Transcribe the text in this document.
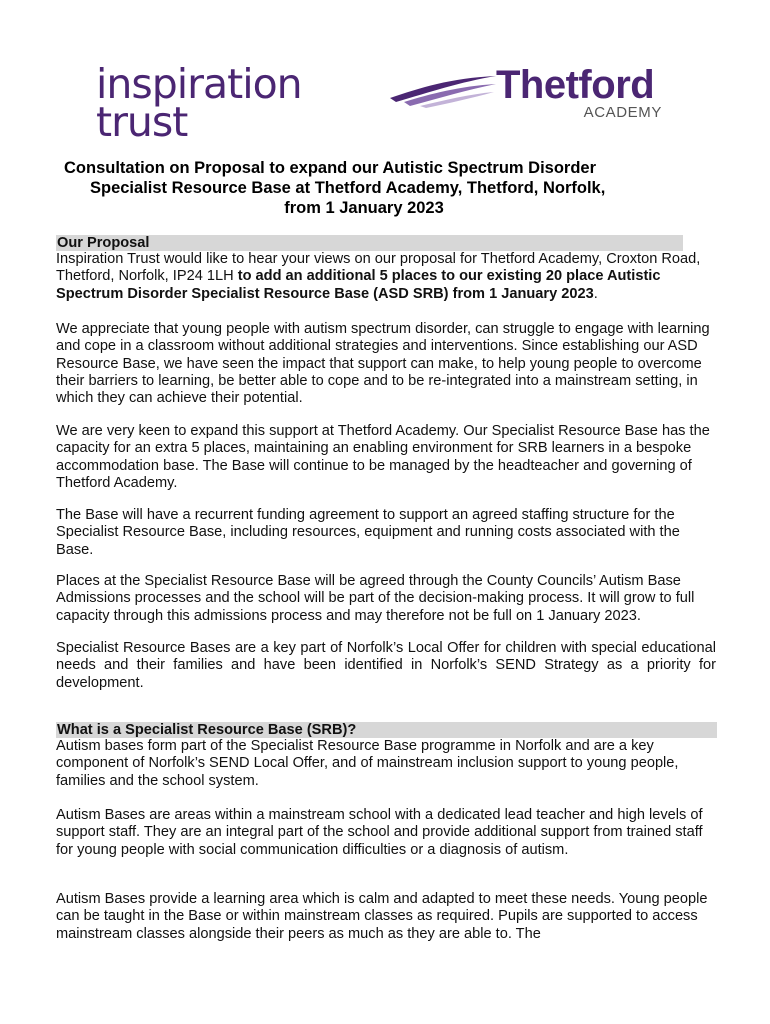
inspiration
trust
Thetford
ACADEMY
Consultation on Proposal to expand our Autistic Spectrum Disorder
Specialist Resource Base at Thetford Academy, Thetford, Norfolk,
from 1 January 2023
Our Proposal

Inspiration Trust would like to hear your views on our proposal for Thetford Academy, Croxton Road, Thetford, Norfolk, IP24 1LH to add an additional 5 places to our existing 20 place Autistic Spectrum Disorder Specialist Resource Base (ASD SRB) from 1 January 2023.

We appreciate that young people with autism spectrum disorder, can struggle to engage with learning and cope in a classroom without additional strategies and interventions. Since establishing our ASD Resource Base, we have seen the impact that support can make, to help young people to overcome their barriers to learning, be better able to cope and to be re-integrated into a mainstream setting, in which they can achieve their potential.

We are very keen to expand this support at Thetford Academy. Our Specialist Resource Base has the capacity for an extra 5 places, maintaining an enabling environment for SRB learners in a bespoke accommodation base. The Base will continue to be managed by the headteacher and governing of Thetford Academy.

The Base will have a recurrent funding agreement to support an agreed staffing structure for the Specialist Resource Base, including resources, equipment and running costs associated with the Base.

Places at the Specialist Resource Base will be agreed through the County Councils’ Autism Base Admissions processes and the school will be part of the decision-making process. It will grow to full capacity through this admissions process and may therefore not be full on 1 January 2023.

Specialist Resource Bases are a key part of Norfolk’s Local Offer for children with special educational needs and their families and have been identified in Norfolk’s SEND Strategy as a priority for development.

What is a Specialist Resource Base (SRB)?

Autism bases form part of the Specialist Resource Base programme in Norfolk and are a key component of Norfolk’s SEND Local Offer, and of mainstream inclusion support to young people, families and the school system.

Autism Bases are areas within a mainstream school with a dedicated lead teacher and high levels of support staff. They are an integral part of the school and provide additional support from trained staff for young people with social communication difficulties or a diagnosis of autism.

Autism Bases provide a learning area which is calm and adapted to meet these needs. Young people can be taught in the Base or within mainstream classes as required. Pupils are supported to access mainstream classes alongside their peers as much as they are able to. The
